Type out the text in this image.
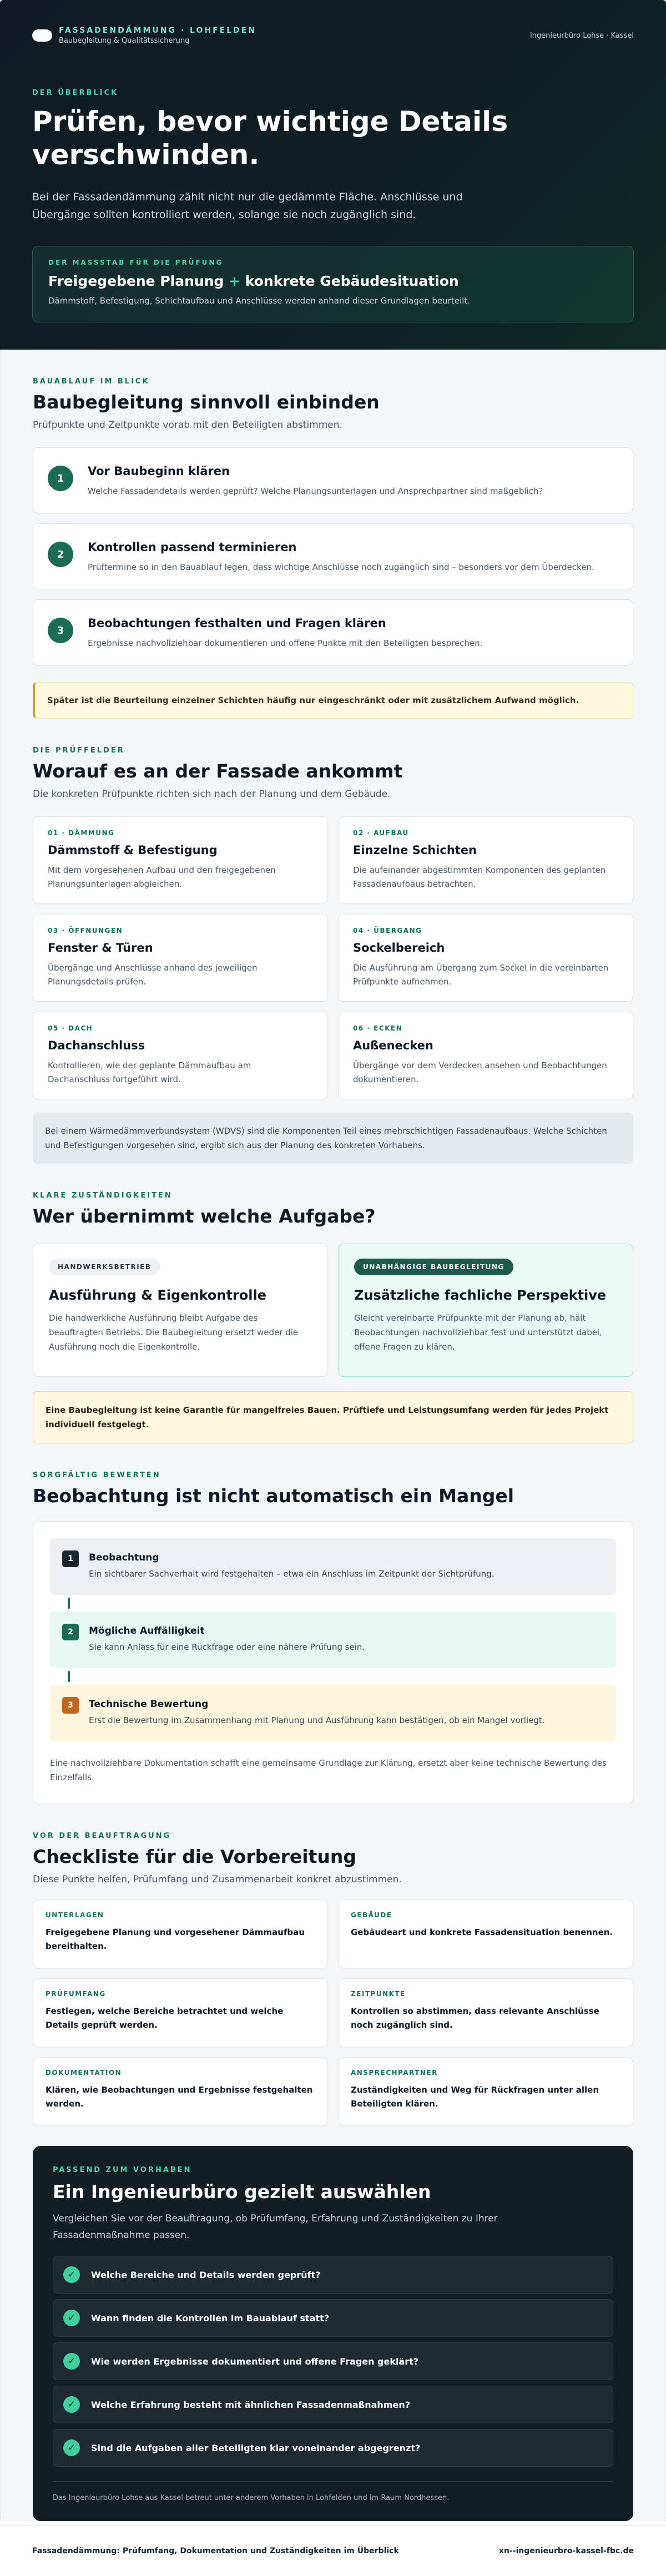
FASSADENDÄMMUNG · LOHFELDEN
Baubegleitung & Qualitätssicherung
Ingenieurbüro Lohse · Kassel
DER ÜBERBLICK
Prüfen, bevor wichtige Details verschwinden.

Bei der Fassadendämmung zählt nicht nur die gedämmte Fläche. Anschlüsse und Übergänge sollten kontrolliert werden, solange sie noch zugänglich sind.

DER MASSSTAB FÜR DIE PRÜFUNG
Freigegebene Planung + konkrete Gebäudesituation
Dämmstoff, Befestigung, Schichtaufbau und Anschlüsse werden anhand dieser Grundlagen beurteilt.
BAUABLAUF IM BLICK
Baubegleitung sinnvoll einbinden

Prüfpunkte und Zeitpunkte vorab mit den Beteiligten abstimmen.

1
Vor Baubeginn klären
Welche Fassadendetails werden geprüft? Welche Planungsunterlagen und Ansprechpartner sind maßgeblich?
2
Kontrollen passend terminieren
Prüftermine so in den Bauablauf legen, dass wichtige Anschlüsse noch zugänglich sind – besonders vor dem Überdecken.
3
Beobachtungen festhalten und Fragen klären
Ergebnisse nachvollziehbar dokumentieren und offene Punkte mit den Beteiligten besprechen.
Später ist die Beurteilung einzelner Schichten häufig nur eingeschränkt oder mit zusätzlichem Aufwand möglich.
DIE PRÜFFELDER
Worauf es an der Fassade ankommt

Die konkreten Prüfpunkte richten sich nach der Planung und dem Gebäude.

01 · DÄMMUNG
Dämmstoff & Befestigung
Mit dem vorgesehenen Aufbau und den freigegebenen Planungsunterlagen abgleichen.
02 · AUFBAU
Einzelne Schichten
Die aufeinander abgestimmten Komponenten des geplanten Fassadenaufbaus betrachten.
03 · ÖFFNUNGEN
Fenster & Türen
Übergänge und Anschlüsse anhand des jeweiligen Planungsdetails prüfen.
04 · ÜBERGANG
Sockelbereich
Die Ausführung am Übergang zum Sockel in die vereinbarten Prüfpunkte aufnehmen.
05 · DACH
Dachanschluss
Kontrollieren, wie der geplante Dämmaufbau am Dachanschluss fortgeführt wird.
06 · ECKEN
Außenecken
Übergänge vor dem Verdecken ansehen und Beobachtungen dokumentieren.
Bei einem Wärmedämmverbundsystem (WDVS) sind die Komponenten Teil eines mehrschichtigen Fassadenaufbaus. Welche Schichten und Befestigungen vorgesehen sind, ergibt sich aus der Planung des konkreten Vorhabens.
KLARE ZUSTÄNDIGKEITEN
Wer übernimmt welche Aufgabe?
HANDWERKSBETRIEB
Ausführung & Eigenkontrolle
Die handwerkliche Ausführung bleibt Aufgabe des beauftragten Betriebs. Die Baubegleitung ersetzt weder die Ausführung noch die Eigenkontrolle.
UNABHÄNGIGE BAUBEGLEITUNG
Zusätzliche fachliche Perspektive
Gleicht vereinbarte Prüfpunkte mit der Planung ab, hält Beobachtungen nachvollziehbar fest und unterstützt dabei, offene Fragen zu klären.
Eine Baubegleitung ist keine Garantie für mangelfreies Bauen. Prüftiefe und Leistungsumfang werden für jedes Projekt individuell festgelegt.
SORGFÄLTIG BEWERTEN
Beobachtung ist nicht automatisch ein Mangel
1	Beobachtung
Ein sichtbarer Sachverhalt wird festgehalten – etwa ein Anschluss im Zeitpunkt der Sichtprüfung.
2	Mögliche Auffälligkeit
Sie kann Anlass für eine Rückfrage oder eine nähere Prüfung sein.
3	Technische Bewertung
Erst die Bewertung im Zusammenhang mit Planung und Ausführung kann bestätigen, ob ein Mangel vorliegt.

Eine nachvollziehbare Dokumentation schafft eine gemeinsame Grundlage zur Klärung, ersetzt aber keine technische Bewertung des Einzelfalls.

VOR DER BEAUFTRAGUNG
Checkliste für die Vorbereitung

Diese Punkte helfen, Prüfumfang und Zusammenarbeit konkret abzustimmen.

UNTERLAGEN
Freigegebene Planung und vorgesehener Dämmaufbau bereithalten.
GEBÄUDE
Gebäudeart und konkrete Fassadensituation benennen.
PRÜFUMFANG
Festlegen, welche Bereiche betrachtet und welche Details geprüft werden.
ZEITPUNKTE
Kontrollen so abstimmen, dass relevante Anschlüsse noch zugänglich sind.
DOKUMENTATION
Klären, wie Beobachtungen und Ergebnisse festgehalten werden.
ANSPRECHPARTNER
Zuständigkeiten und Weg für Rückfragen unter allen Beteiligten klären.
PASSEND ZUM VORHABEN
Ein Ingenieurbüro gezielt auswählen

Vergleichen Sie vor der Beauftragung, ob Prüfumfang, Erfahrung und Zuständigkeiten zu Ihrer Fassadenmaßnahme passen.

✓	Welche Bereiche und Details werden geprüft?
✓	Wann finden die Kontrollen im Bauablauf statt?
✓	Wie werden Ergebnisse dokumentiert und offene Fragen geklärt?
✓	Welche Erfahrung besteht mit ähnlichen Fassadenmaßnahmen?
✓	Sind die Aufgaben aller Beteiligten klar voneinander abgegrenzt?
Das Ingenieurbüro Lohse aus Kassel betreut unter anderem Vorhaben in Lohfelden und im Raum Nordhessen.
Fassadendämmung: Prüfumfang, Dokumentation und Zuständigkeiten im Überblick	xn--ingenieurbro-kassel-fbc.de
